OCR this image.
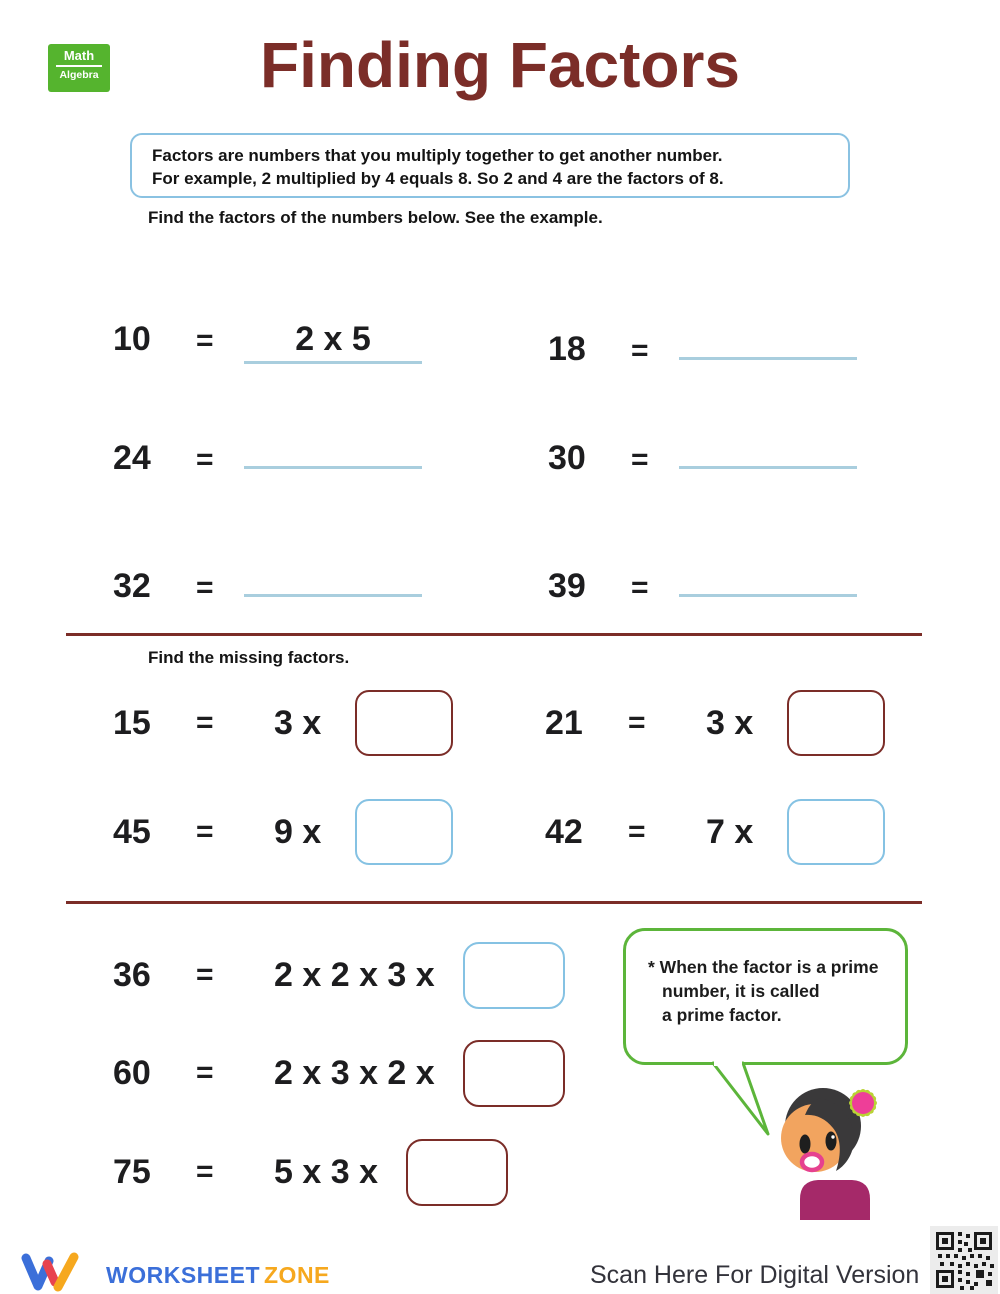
Math
Algebra	Finding Factors
Factors are numbers that you multiply together to get another number.
For example, 2 multiplied by 4 equals 8. So 2 and 4 are the factors of 8.
Find the factors of the numbers below. See the example.
10	=	2 x 5	18	=
24	=	30	=
32	=	39	=
Find the missing factors.
15	= 3 x	21	= 3 x
45	= 9 x	42	= 7 x
36	= 2 x 2 x 3 x
60	= 2 x 3 x 2 x
75	= 5 x 3 x
* When the factor is a prime
number, it is called
a prime factor.
WORKSHEET ZONE	Scan Here For Digital Version
